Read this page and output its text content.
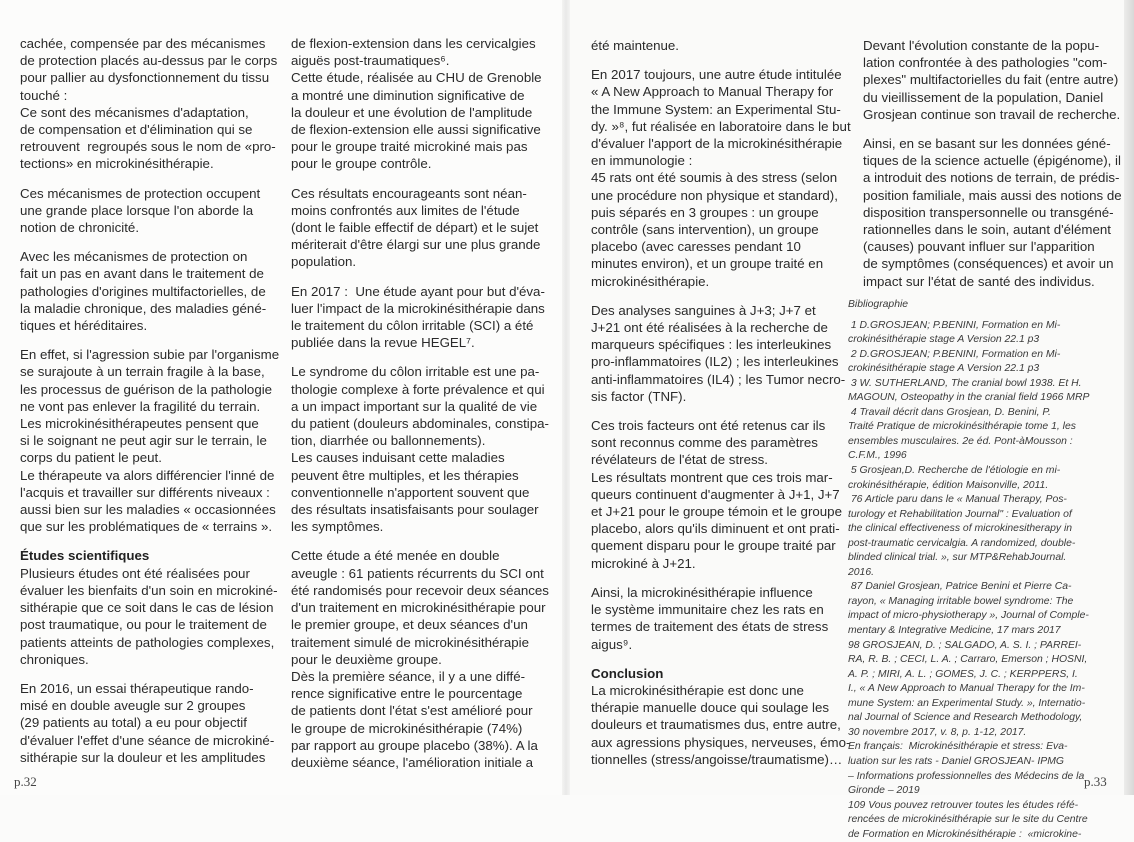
cachée, compensée par des mécanismes
de protection placés au-dessus par le corps
pour pallier au dysfonctionnement du tissu
touché :
Ce sont des mécanismes d'adaptation,
de compensation et d'élimination qui se
retrouvent  regroupés sous le nom de «pro-
tections» en microkinésithérapie.

Ces mécanismes de protection occupent
une grande place lorsque l'on aborde la
notion de chronicité.

Avec les mécanismes de protection on
fait un pas en avant dans le traitement de
pathologies d'origines multifactorielles, de
la maladie chronique, des maladies géné-
tiques et héréditaires.

En effet, si l'agression subie par l'organisme
se surajoute à un terrain fragile à la base,
les processus de guérison de la pathologie
ne vont pas enlever la fragilité du terrain.
Les microkinésithérapeutes pensent que
si le soignant ne peut agir sur le terrain, le
corps du patient le peut.
Le thérapeute va alors différencier l'inné de
l'acquis et travailler sur différents niveaux :
aussi bien sur les maladies « occasionnées
que sur les problématiques de « terrains ».

Études scientifiques

Plusieurs études ont été réalisées pour
évaluer les bienfaits d'un soin en microkiné-
sithérapie que ce soit dans le cas de lésion
post traumatique, ou pour le traitement de
patients atteints de pathologies complexes,
chroniques.

En 2016, un essai thérapeutique rando-
misé en double aveugle sur 2 groupes
(29 patients au total) a eu pour objectif
d'évaluer l'effet d'une séance de microkiné-
sithérapie sur la douleur et les amplitudes

de flexion-extension dans les cervicalgies
aiguës post-traumatiques⁶.
Cette étude, réalisée au CHU de Grenoble
a montré une diminution significative de
la douleur et une évolution de l'amplitude
de flexion-extension elle aussi significative
pour le groupe traité microkiné mais pas
pour le groupe contrôle.

Ces résultats encourageants sont néan-
moins confrontés aux limites de l'étude
(dont le faible effectif de départ) et le sujet
mériterait d'être élargi sur une plus grande
population.

En 2017 :  Une étude ayant pour but d'éva-
luer l'impact de la microkinésithérapie dans
le traitement du côlon irritable (SCI) a été
publiée dans la revue HEGEL⁷.

Le syndrome du côlon irritable est une pa-
thologie complexe à forte prévalence et qui
a un impact important sur la qualité de vie
du patient (douleurs abdominales, constipa-
tion, diarrhée ou ballonnements).
Les causes induisant cette maladies
peuvent être multiples, et les thérapies
conventionnelle n'apportent souvent que
des résultats insatisfaisants pour soulager
les symptômes.

Cette étude a été menée en double
aveugle : 61 patients récurrents du SCI ont
été randomisés pour recevoir deux séances
d'un traitement en microkinésithérapie pour
le premier groupe, et deux séances d'un
traitement simulé de microkinésithérapie
pour le deuxième groupe.
Dès la première séance, il y a une diffé-
rence significative entre le pourcentage
de patients dont l'état s'est amélioré pour
le groupe de microkinésithérapie (74%)
par rapport au groupe placebo (38%). A la
deuxième séance, l'amélioration initiale a

été maintenue.

En 2017 toujours, une autre étude intitulée
« A New Approach to Manual Therapy for
the Immune System: an Experimental Stu-
dy. »⁸, fut réalisée en laboratoire dans le but
d'évaluer l'apport de la microkinésithérapie
en immunologie :
45 rats ont été soumis à des stress (selon
une procédure non physique et standard),
puis séparés en 3 groupes : un groupe
contrôle (sans intervention), un groupe
placebo (avec caresses pendant 10
minutes environ), et un groupe traité en
microkinésithérapie.

Des analyses sanguines à J+3; J+7 et
J+21 ont été réalisées à la recherche de
marqueurs spécifiques : les interleukines
pro-inflammatoires (IL2) ; les interleukines
anti-inflammatoires (IL4) ; les Tumor necro-
sis factor (TNF).

Ces trois facteurs ont été retenus car ils
sont reconnus comme des paramètres
révélateurs de l'état de stress.
Les résultats montrent que ces trois mar-
queurs continuent d'augmenter à J+1, J+7
et J+21 pour le groupe témoin et le groupe
placebo, alors qu'ils diminuent et ont prati-
quement disparu pour le groupe traité par
microkiné à J+21.

Ainsi, la microkinésithérapie influence
le système immunitaire chez les rats en
termes de traitement des états de stress
aigus⁹.

Conclusion

La microkinésithérapie est donc une
thérapie manuelle douce qui soulage les
douleurs et traumatismes dus, entre autre,
aux agressions physiques, nerveuses, émo-
tionnelles (stress/angoisse/traumatisme)…

Devant l'évolution constante de la popu-
lation confrontée à des pathologies "com-
plexes" multifactorielles du fait (entre autre)
du vieillissement de la population, Daniel
Grosjean continue son travail de recherche.

Ainsi, en se basant sur les données géné-
tiques de la science actuelle (épigénome), il
a introduit des notions de terrain, de prédis-
position familiale, mais aussi des notions de
disposition transpersonnelle ou transgéné-
rationnelles dans le soin, autant d'élément
(causes) pouvant influer sur l'apparition
de symptômes (conséquences) et avoir un
impact sur l'état de santé des individus.

Bibliographie

1 D.GROSJEAN; P.BENINI, Formation en Mi-
crokinésithérapie stage A Version 22.1 p3

2 D.GROSJEAN; P.BENINI, Formation en Mi-
crokinésithérapie stage A Version 22.1 p3

3 W. SUTHERLAND, The cranial bowl 1938. Et H.
MAGOUN, Osteopathy in the cranial field 1966 MRP

4 Travail décrit dans Grosjean, D. Benini, P.
Traité Pratique de microkinésithérapie tome 1, les
ensembles musculaires. 2e éd. Pont-àMousson :
C.F.M., 1996

5 Grosjean,D. Recherche de l'étiologie en mi-
crokinésithérapie, édition Maisonville, 2011.

76 Article paru dans le « Manual Therapy, Pos-
turology et Rehabilitation Journal" : Evaluation of
the clinical effectiveness of microkinesitherapy in
post-traumatic cervicalgia. A randomized, double-
blinded clinical trial. », sur MTP&RehabJournal.
2016.

87 Daniel Grosjean, Patrice Benini et Pierre Ca-
rayon, « Managing irritable bowel syndrome: The
impact of micro-physiotherapy », Journal of Comple-
mentary & Integrative Medicine, 17 mars 2017

98 GROSJEAN, D. ; SALGADO, A. S. I. ; PARREI-
RA, R. B. ; CECI, L. A. ; Carraro, Emerson ; HOSNI,
A. P. ; MIRI, A. L. ; GOMES, J. C. ; KERPPERS, I.
I., « A New Approach to Manual Therapy for the Im-
mune System: an Experimental Study. », Internatio-
nal Journal of Science and Research Methodology,
30 novembre 2017, v. 8, p. 1-12, 2017.

En français:  Microkinésithérapie et stress: Eva-
luation sur les rats - Daniel GROSJEAN- IPMG
– Informations professionnelles des Médecins de la
Gironde – 2019

109 Vous pouvez retrouver toutes les études réfé-
rencées de microkinésithérapie sur le site du Centre
de Formation en Microkinésithérapie :  «microkine-

p.32	p.33
